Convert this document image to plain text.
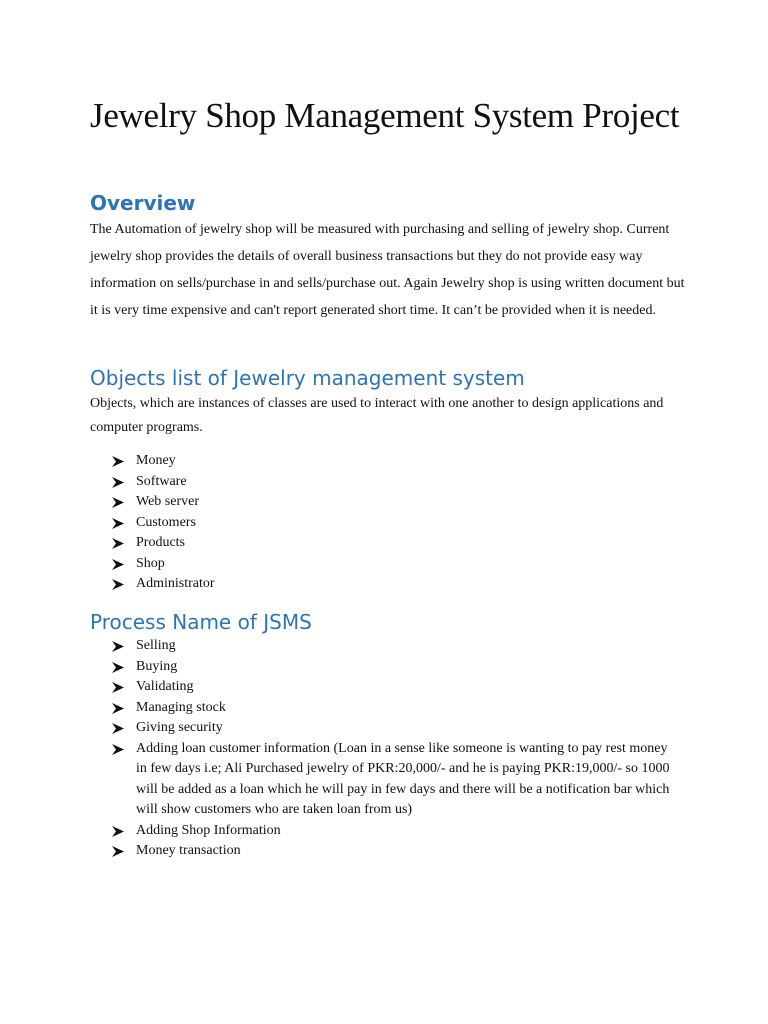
Jewelry Shop Management System Project
Overview

The Automation of jewelry shop will be measured with purchasing and selling of jewelry shop. Current jewelry shop provides the details of overall business transactions but they do not provide easy way information on sells/purchase in and sells/purchase out. Again Jewelry shop is using written document but it is very time expensive and can't report generated short time. It can’t be provided when it is needed.

Objects list of Jewelry management system

Objects, which are instances of classes are used to interact with one another to design applications and computer programs.

Money
Software
Web server
Customers
Products
Shop
Administrator
Process Name of JSMS
Selling
Buying
Validating
Managing stock
Giving security
Adding loan customer information (Loan in a sense like someone is wanting to pay rest money in few days i.e; Ali Purchased jewelry of PKR:20,000/- and he is paying PKR:19,000/- so 1000 will be added as a loan which he will pay in few days and there will be a notification bar which will show customers who are taken loan from us)
Adding Shop Information
Money transaction
